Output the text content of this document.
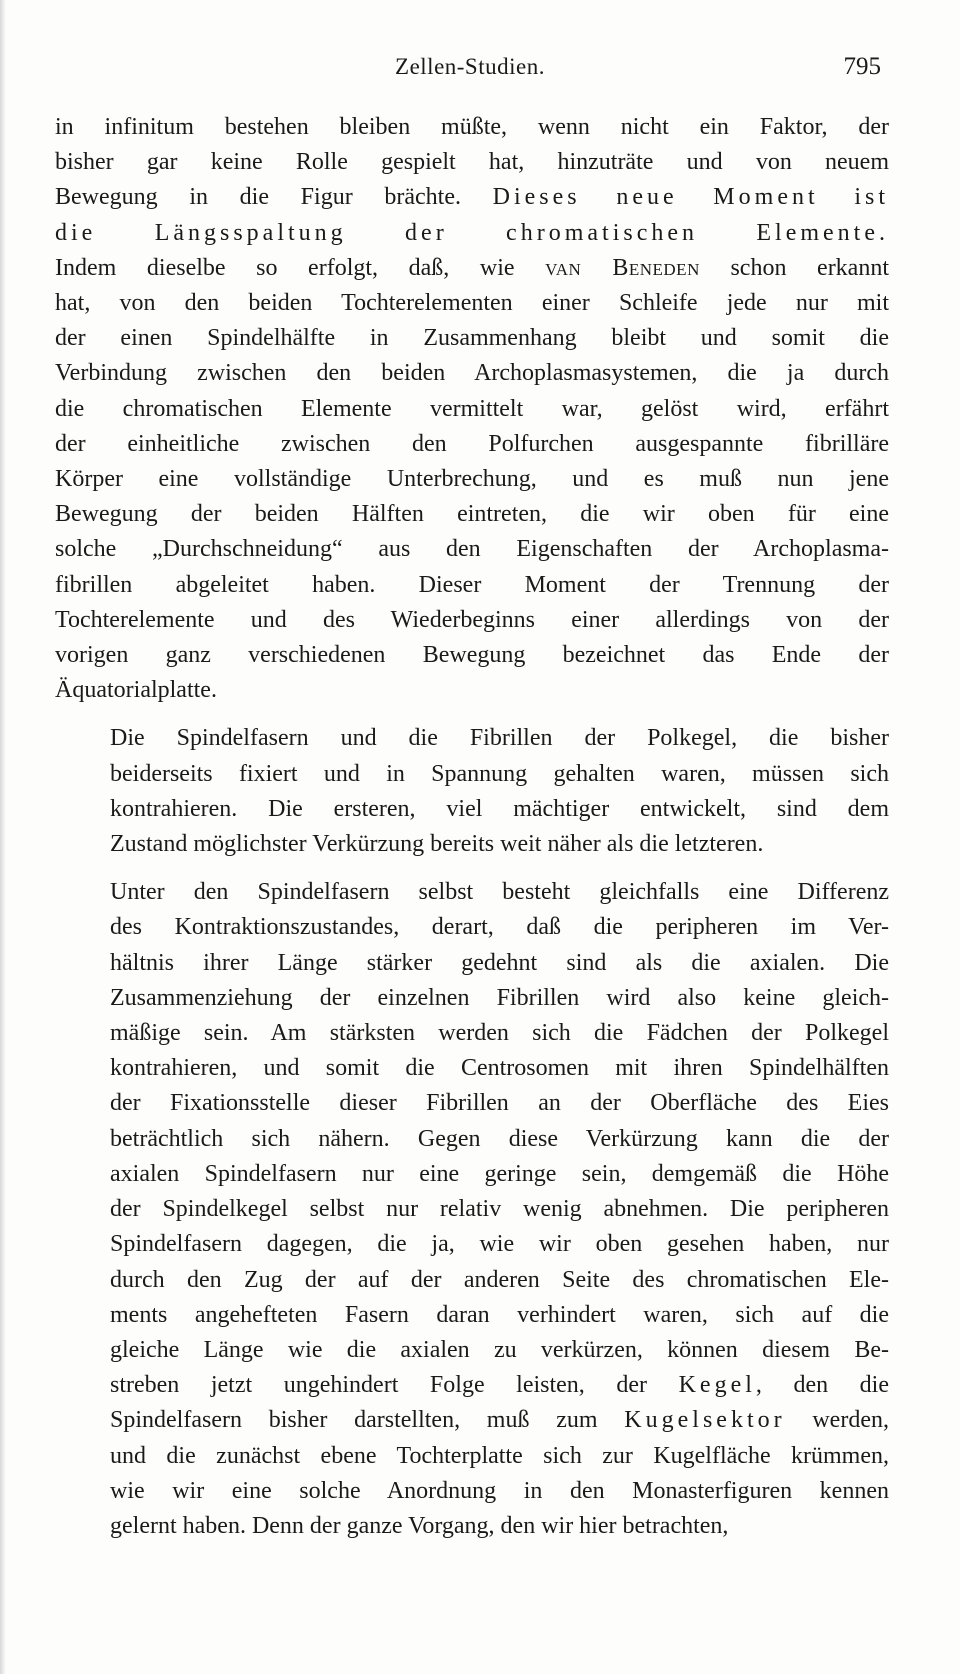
Zellen-Studien.	795

in infinitum bestehen bleiben müßte, wenn nicht ein Faktor, der
bisher gar keine Rolle gespielt hat, hinzuträte und von neuem
Bewegung in die Figur brächte. Dieses neue Moment ist
die Längsspaltung der chromatischen Elemente.
Indem dieselbe so erfolgt, daß, wie van Beneden schon erkannt
hat, von den beiden Tochterelementen einer Schleife jede nur mit
der einen Spindelhälfte in Zusammenhang bleibt und somit die
Verbindung zwischen den beiden Archoplasmasystemen, die ja durch
die chromatischen Elemente vermittelt war, gelöst wird, erfährt
der einheitliche zwischen den Polfurchen ausgespannte fibrilläre
Körper eine vollständige Unterbrechung, und es muß nun jene
Bewegung der beiden Hälften eintreten, die wir oben für eine
solche „Durchschneidung“ aus den Eigenschaften der Archoplasma-
fibrillen abgeleitet haben. Dieser Moment der Trennung der
Tochterelemente und des Wiederbeginns einer allerdings von der
vorigen ganz verschiedenen Bewegung bezeichnet das Ende der
Äquatorialplatte.

Die Spindelfasern und die Fibrillen der Polkegel, die bisher
beiderseits fixiert und in Spannung gehalten waren, müssen sich
kontrahieren. Die ersteren, viel mächtiger entwickelt, sind dem
Zustand möglichster Verkürzung bereits weit näher als die letzteren.

Unter den Spindelfasern selbst besteht gleichfalls eine Differenz
des Kontraktionszustandes, derart, daß die peripheren im Ver-
hältnis ihrer Länge stärker gedehnt sind als die axialen. Die
Zusammenziehung der einzelnen Fibrillen wird also keine gleich-
mäßige sein. Am stärksten werden sich die Fädchen der Polkegel
kontrahieren, und somit die Centrosomen mit ihren Spindelhälften
der Fixationsstelle dieser Fibrillen an der Oberfläche des Eies
beträchtlich sich nähern. Gegen diese Verkürzung kann die der
axialen Spindelfasern nur eine geringe sein, demgemäß die Höhe
der Spindelkegel selbst nur relativ wenig abnehmen. Die peripheren
Spindelfasern dagegen, die ja, wie wir oben gesehen haben, nur
durch den Zug der auf der anderen Seite des chromatischen Ele-
ments angehefteten Fasern daran verhindert waren, sich auf die
gleiche Länge wie die axialen zu verkürzen, können diesem Be-
streben jetzt ungehindert Folge leisten, der Kegel, den die
Spindelfasern bisher darstellten, muß zum Kugelsektor werden,
und die zunächst ebene Tochterplatte sich zur Kugelfläche krümmen,
wie wir eine solche Anordnung in den Monasterfiguren kennen
gelernt haben. Denn der ganze Vorgang, den wir hier betrachten,
